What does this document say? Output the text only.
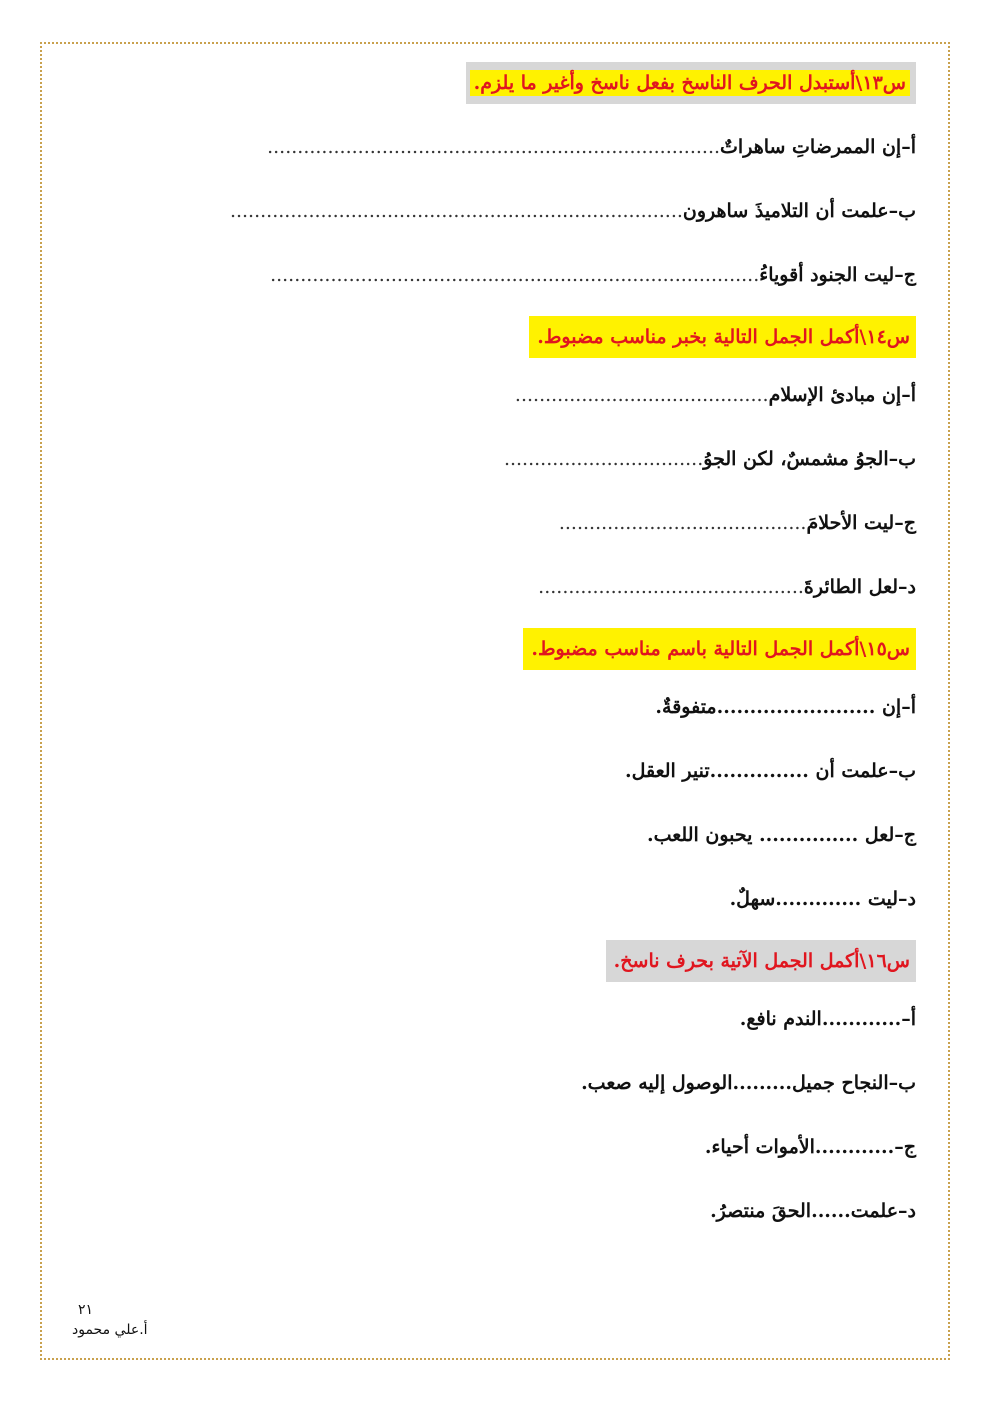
س١٣\أستبدل الحرف الناسخ بفعل ناسخ وأغير ما يلزم.

أ–إن الممرضاتِ ساهراتٌ...........................................................................

ب–علمت أن التلاميذَ ساهرون...........................................................................

ج–ليت الجنود أقوياءُ.................................................................................

س١٤\أكمل الجمل التالية بخبر مناسب مضبوط.

أ–إن مبادئ الإسلام..........................................

ب–الجوُ مشمسٌ، لكن الجوُ.................................

ج–ليت الأحلامَ.........................................

د–لعل الطائرةَ............................................

س١٥\أكمل الجمل التالية باسم مناسب مضبوط.

أ–إن ........................متفوقةٌ.

ب–علمت أن ...............تنير العقل.

ج–لعل ............... يحبون اللعب.

د–ليت .............سهلٌ.

س١٦\أكمل الجمل الآتية بحرف ناسخ.

أ–............الندم نافع.

ب–النجاح جميل.........الوصول إليه صعب.

ج–............الأموات أحياء.

د–علمت......الحقَ منتصرُ.

٢١
أ.علي محمود
